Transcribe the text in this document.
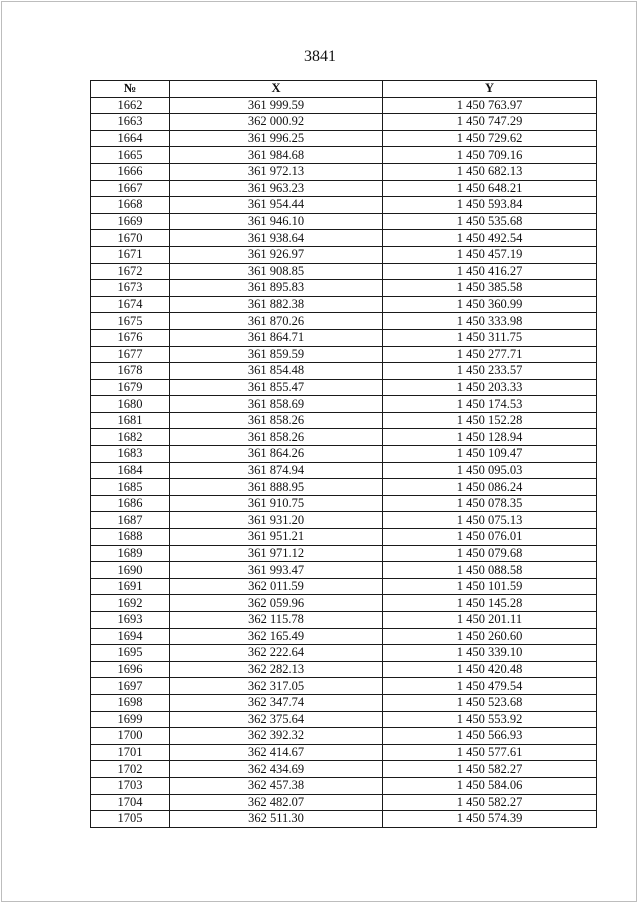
3841
№	X	Y
1662	361 999.59	1 450 763.97
1663	362 000.92	1 450 747.29
1664	361 996.25	1 450 729.62
1665	361 984.68	1 450 709.16
1666	361 972.13	1 450 682.13
1667	361 963.23	1 450 648.21
1668	361 954.44	1 450 593.84
1669	361 946.10	1 450 535.68
1670	361 938.64	1 450 492.54
1671	361 926.97	1 450 457.19
1672	361 908.85	1 450 416.27
1673	361 895.83	1 450 385.58
1674	361 882.38	1 450 360.99
1675	361 870.26	1 450 333.98
1676	361 864.71	1 450 311.75
1677	361 859.59	1 450 277.71
1678	361 854.48	1 450 233.57
1679	361 855.47	1 450 203.33
1680	361 858.69	1 450 174.53
1681	361 858.26	1 450 152.28
1682	361 858.26	1 450 128.94
1683	361 864.26	1 450 109.47
1684	361 874.94	1 450 095.03
1685	361 888.95	1 450 086.24
1686	361 910.75	1 450 078.35
1687	361 931.20	1 450 075.13
1688	361 951.21	1 450 076.01
1689	361 971.12	1 450 079.68
1690	361 993.47	1 450 088.58
1691	362 011.59	1 450 101.59
1692	362 059.96	1 450 145.28
1693	362 115.78	1 450 201.11
1694	362 165.49	1 450 260.60
1695	362 222.64	1 450 339.10
1696	362 282.13	1 450 420.48
1697	362 317.05	1 450 479.54
1698	362 347.74	1 450 523.68
1699	362 375.64	1 450 553.92
1700	362 392.32	1 450 566.93
1701	362 414.67	1 450 577.61
1702	362 434.69	1 450 582.27
1703	362 457.38	1 450 584.06
1704	362 482.07	1 450 582.27
1705	362 511.30	1 450 574.39
